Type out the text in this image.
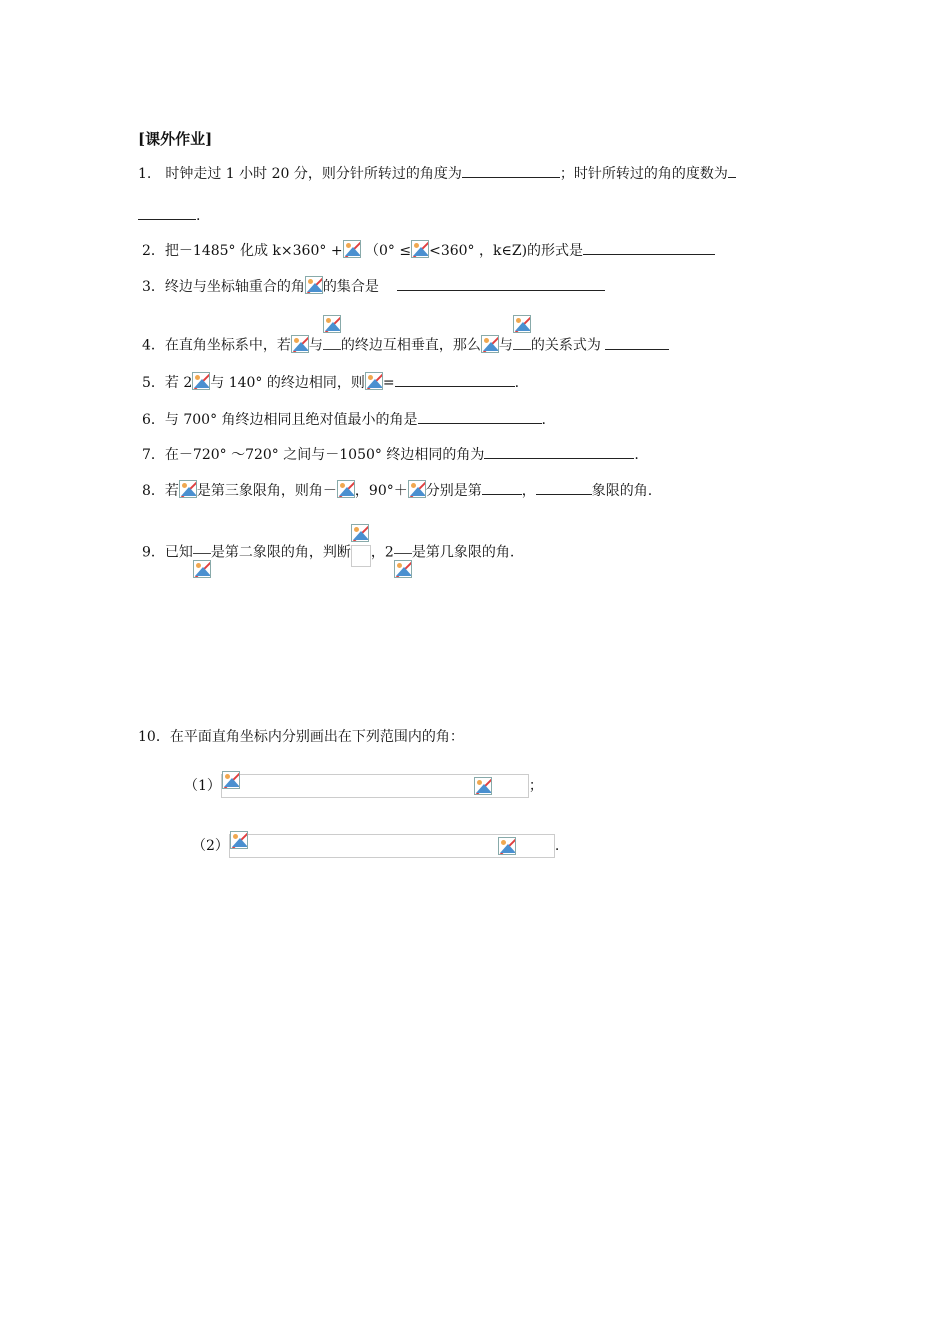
[课外作业]
1.　时钟走过 1 小时 20 分，则分针所转过的角度为	；时针所转过的角的度数为
.
2．把－1485° 化成 k×360° + （0° ≤ <360° ，k∈Z)的形式是
3．终边与坐标轴重合的角 的集合是
4．在直角坐标系中，若 与 的终边互相垂直，那么 与 的关系式为
5．若 2 与 140° 的终边相同，则 =	.
6．与 700° 角终边相同且绝对值最小的角是	.
7．在－720° ～720° 之间与－1050° 终边相同的角为	.
8．若 是第三象限角，则角－ ，90°＋ 分别是第	，	象限的角.
9．已知 是第二象限的角，判断 ，2 是第几象限的角.
10．在平面直角坐标内分别画出在下列范围内的角：
（1）	；
（2）	.
